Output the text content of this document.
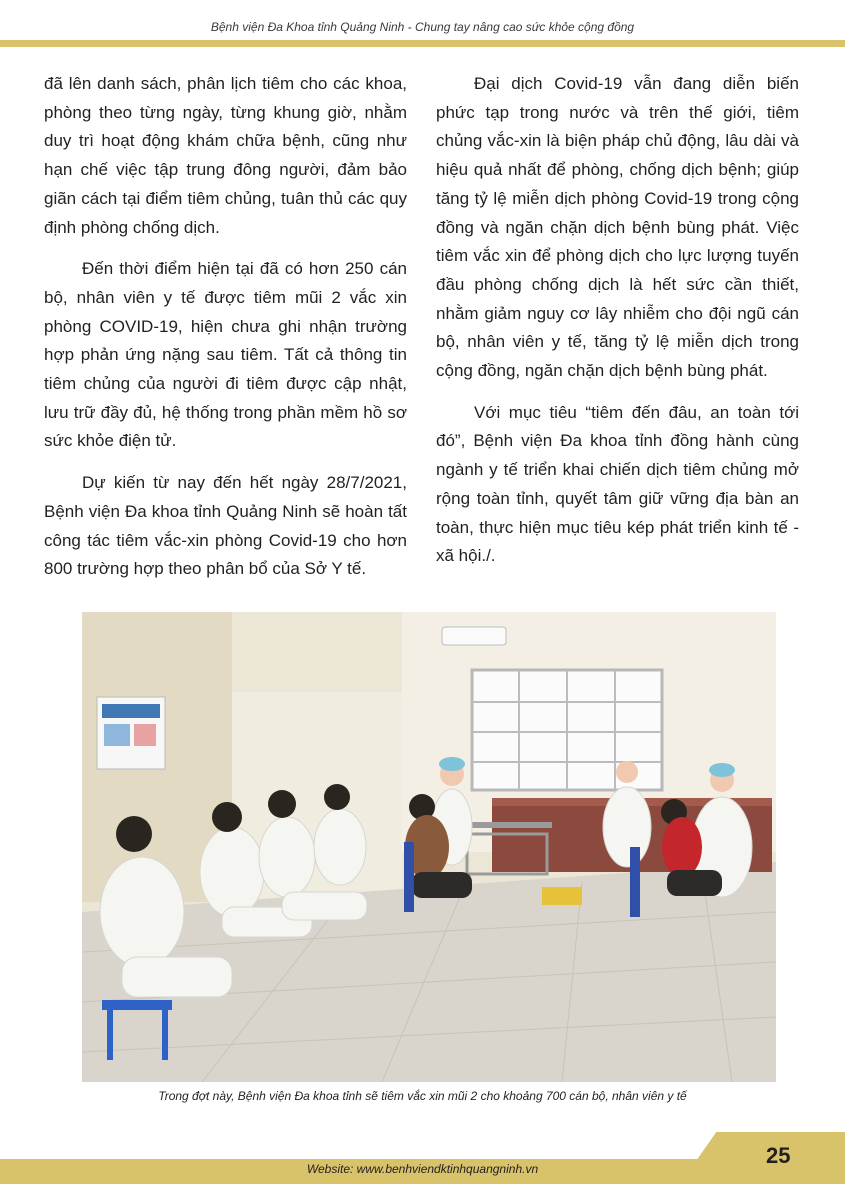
Bệnh viện Đa Khoa tỉnh Quảng Ninh - Chung tay nâng cao sức khỏe cộng đồng

đã lên danh sách, phân lịch tiêm cho các khoa, phòng theo từng ngày, từng khung giờ, nhằm duy trì hoạt động khám chữa bệnh, cũng như hạn chế việc tập trung đông người, đảm bảo giãn cách tại điểm tiêm chủng, tuân thủ các quy định phòng chống dịch.

Đến thời điểm hiện tại đã có hơn 250 cán bộ, nhân viên y tế được tiêm mũi 2 vắc xin phòng COVID-19, hiện chưa ghi nhận trường hợp phản ứng nặng sau tiêm. Tất cả thông tin tiêm chủng của người đi tiêm được cập nhật, lưu trữ đầy đủ, hệ thống trong phần mềm hồ sơ sức khỏe điện tử.

Dự kiến từ nay đến hết ngày 28/7/2021, Bệnh viện Đa khoa tỉnh Quảng Ninh sẽ hoàn tất công tác tiêm vắc-xin phòng Covid-19 cho hơn 800 trường hợp theo phân bổ của Sở Y tế.

Đại dịch Covid-19 vẫn đang diễn biến phức tạp trong nước và trên thế giới, tiêm chủng vắc-xin là biện pháp chủ động, lâu dài và hiệu quả nhất để phòng, chống dịch bệnh; giúp tăng tỷ lệ miễn dịch phòng Covid-19 trong cộng đồng và ngăn chặn dịch bệnh bùng phát. Việc tiêm vắc xin để phòng dịch cho lực lượng tuyến đầu phòng chống dịch là hết sức cần thiết, nhằm giảm nguy cơ lây nhiễm cho đội ngũ cán bộ, nhân viên y tế, tăng tỷ lệ miễn dịch trong cộng đồng, ngăn chặn dịch bệnh bùng phát.

Với mục tiêu “tiêm đến đâu, an toàn tới đó”, Bệnh viện Đa khoa tỉnh đồng hành cùng ngành y tế triển khai chiến dịch tiêm chủng mở rộng toàn tỉnh, quyết tâm giữ vững địa bàn an toàn, thực hiện mục tiêu kép phát triển kinh tế - xã hội./.

Trong đợt này, Bệnh viện Đa khoa tỉnh sẽ tiêm vắc xin mũi 2 cho khoảng 700 cán bộ, nhân viên y tế
25
Website: www.benhviendktinhquangninh.vn
